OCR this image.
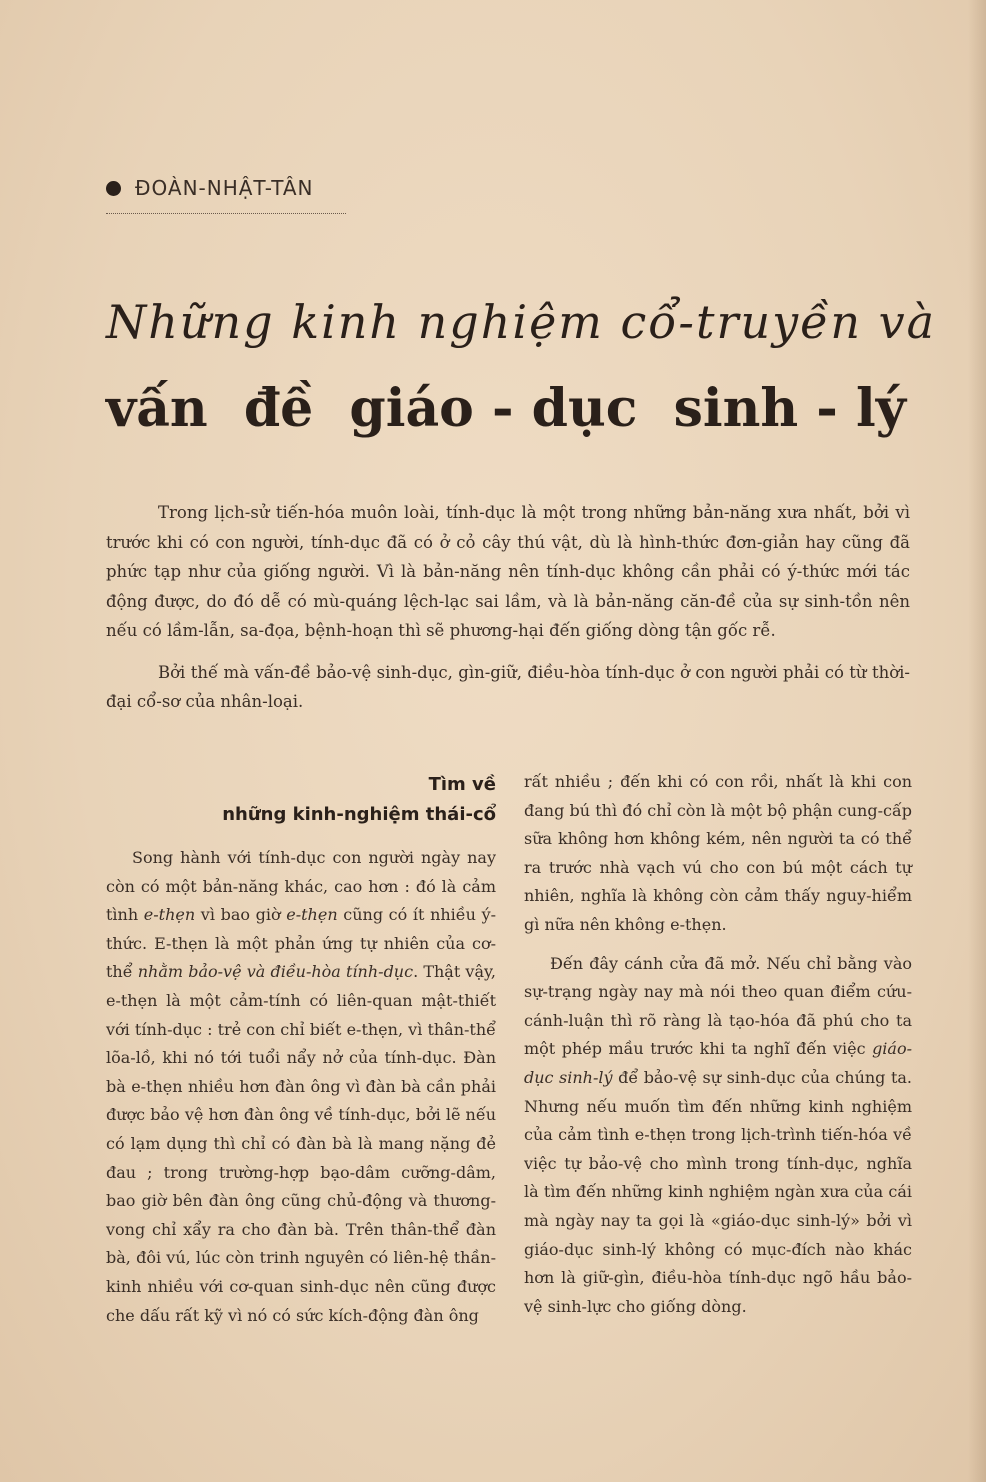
ĐOÀN-NHẬT-TÂN
Những kinh nghiệm cổ-truyền và
vấn đề giáo - dục sinh - lý

Trong lịch-sử tiến-hóa muôn loài, tính-dục là một trong những bản-năng xưa nhất, bởi vì trước khi có con người, tính-dục đã có ở cỏ cây thú vật, dù là hình-thức đơn-giản hay cũng đã phức tạp như của giống người. Vì là bản-năng nên tính-dục không cần phải có ý-thức mới tác động được, do đó dễ có mù-quáng lệch-lạc sai lầm, và là bản-năng căn-đề của sự sinh-tồn nên nếu có lầm-lẫn, sa-đọa, bệnh-hoạn thì sẽ phương-hại đến giống dòng tận gốc rễ.

Bởi thế mà vấn-đề bảo-vệ sinh-dục, gìn-giữ, điều-hòa tính-dục ở con người phải có từ thời-đại cổ-sơ của nhân-loại.

Tìm về
những kinh-nghiệm thái-cổ

Song hành với tính-dục con người ngày nay còn có một bản-năng khác, cao hơn : đó là cảm tình e-thẹn vì bao giờ e-thẹn cũng có ít nhiều ý-thức. E-thẹn là một phản ứng tự nhiên của cơ-thể nhằm bảo-vệ và điều-hòa tính-dục. Thật vậy, e-thẹn là một cảm-tính có liên-quan mật-thiết với tính-dục : trẻ con chỉ biết e-thẹn, vì thân-thể lõa-lồ, khi nó tới tuổi nẩy nở của tính-dục. Đàn bà e-thẹn nhiều hơn đàn ông vì đàn bà cần phải được bảo vệ hơn đàn ông về tính-dục, bởi lẽ nếu có lạm dụng thì chỉ có đàn bà là mang nặng đẻ đau ; trong trường-hợp bạo-dâm cưỡng-dâm, bao giờ bên đàn ông cũng chủ-động và thương-vong chỉ xẩy ra cho đàn bà. Trên thân-thể đàn bà, đôi vú, lúc còn trinh nguyên có liên-hệ thần-kinh nhiều với cơ-quan sinh-dục nên cũng được che dấu rất kỹ vì nó có sức kích-động đàn ông

rất nhiều ; đến khi có con rồi, nhất là khi con đang bú thì đó chỉ còn là một bộ phận cung-cấp sữa không hơn không kém, nên người ta có thể ra trước nhà vạch vú cho con bú một cách tự nhiên, nghĩa là không còn cảm thấy nguy-hiểm gì nữa nên không e-thẹn.

Đến đây cánh cửa đã mở. Nếu chỉ bằng vào sự-trạng ngày nay mà nói theo quan điểm cứu-cánh-luận thì rõ ràng là tạo-hóa đã phú cho ta một phép mầu trước khi ta nghĩ đến việc giáo-dục sinh-lý để bảo-vệ sự sinh-dục của chúng ta. Nhưng nếu muốn tìm đến những kinh nghiệm của cảm tình e-thẹn trong lịch-trình tiến-hóa về việc tự bảo-vệ cho mình trong tính-dục, nghĩa là tìm đến những kinh nghiệm ngàn xưa của cái mà ngày nay ta gọi là «giáo-dục sinh-lý» bởi vì giáo-dục sinh-lý không có mục-đích nào khác hơn là giữ-gìn, điều-hòa tính-dục ngõ hầu bảo-vệ sinh-lực cho giống dòng.
